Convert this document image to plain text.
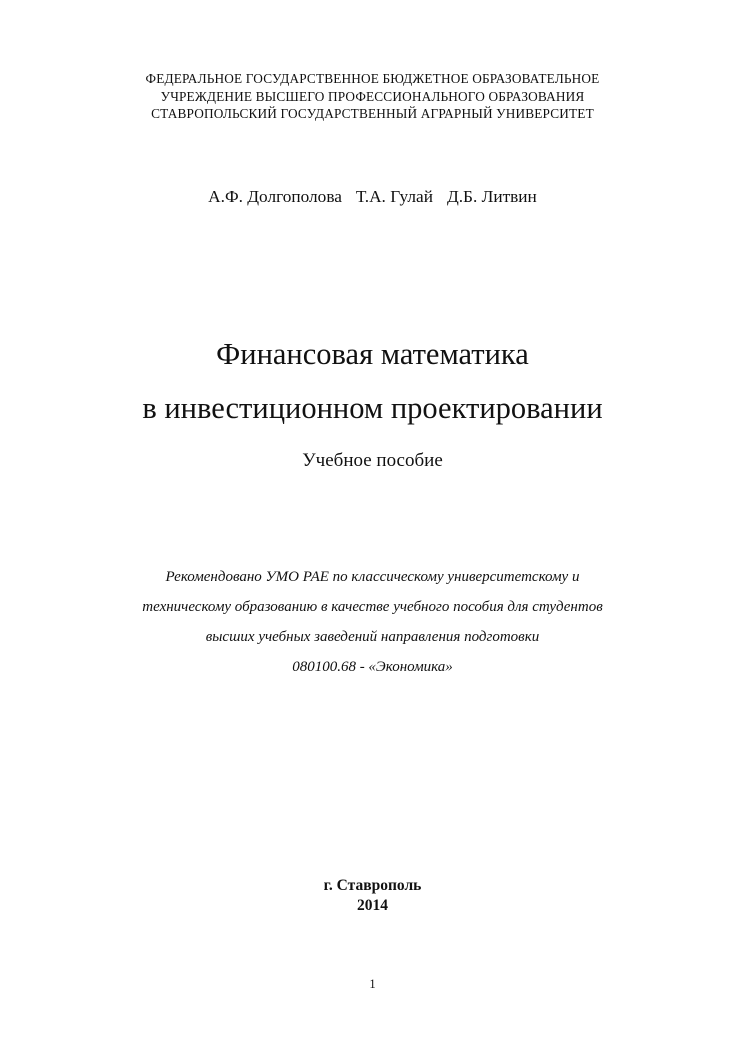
ФЕДЕРАЛЬНОЕ ГОСУДАРСТВЕННОЕ БЮДЖЕТНОЕ ОБРАЗОВАТЕЛЬНОЕ
УЧРЕЖДЕНИЕ ВЫСШЕГО ПРОФЕССИОНАЛЬНОГО ОБРАЗОВАНИЯ
СТАВРОПОЛЬСКИЙ ГОСУДАРСТВЕННЫЙ АГРАРНЫЙ УНИВЕРСИТЕТ
А.Ф. Долгополова Т.А. Гулай Д.Б. Литвин
Финансовая математика
в инвестиционном проектировании
Учебное пособие
Рекомендовано УМО РАЕ по классическому университетскому и
техническому образованию в качестве учебного пособия для студентов
высших учебных заведений направления подготовки
080100.68 - «Экономика»
г. Ставрополь
2014
1
